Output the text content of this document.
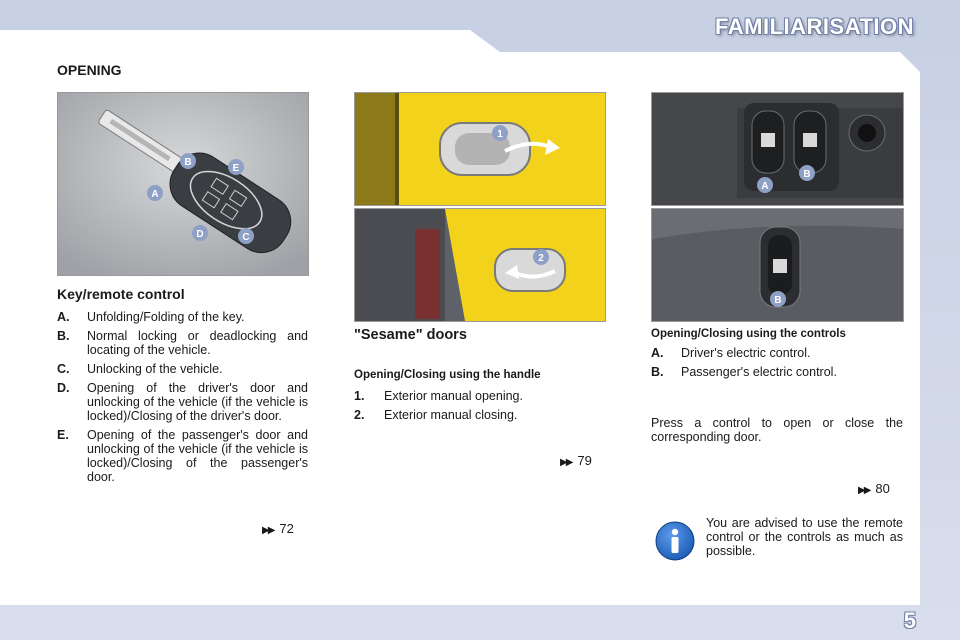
FAMILIARISATION
OPENING
A
B
E
D	C
Key/remote control
A.	Unfolding/Folding of the key.
B.	Normal locking or deadlocking and locating of the vehicle.
C.	Unlocking of the vehicle.
D.	Opening of the driver's door and unlocking of the vehicle (if the vehicle is locked)/Closing of the driver's door.
E.	Opening of the passenger's door and unlocking of the vehicle (if the vehicle is locked)/Closing of the passenger's door.
▶▶ 72
1
2
"Sesame" doors
Opening/Closing using the handle
1.	Exterior manual opening.
2.	Exterior manual closing.
▶▶ 79
A
B
B
Opening/Closing using the controls
A.	Driver's electric control.
B.	Passenger's electric control.
Press a control to open or close the corresponding door.
▶▶ 80
You are advised to use the remote control or the controls as much as possible.
5
